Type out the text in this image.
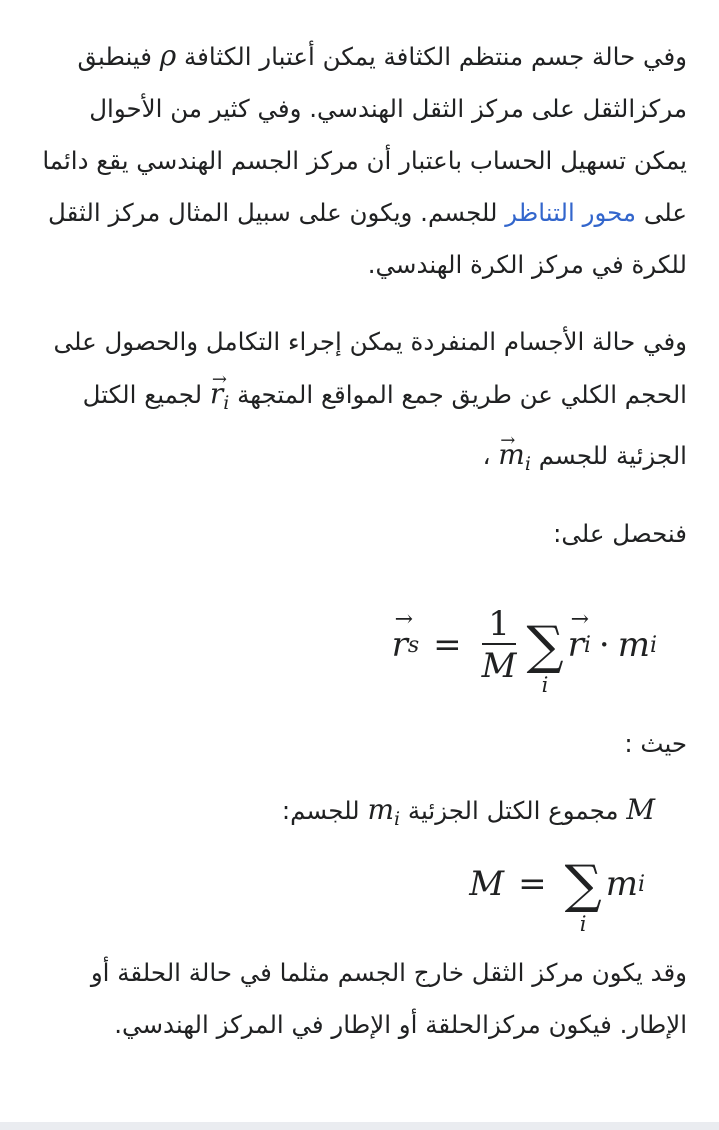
وفي حالة جسم منتظم الكثافة يمكن أعتبار الكثافة ρ فينطبق مركزالثقل على مركز الثقل الهندسي. وفي كثير من الأحوال يمكن تسهيل الحساب باعتبار أن مركز الجسم الهندسي يقع دائما على محور التناظر للجسم. ويكون على سبيل المثال مركز الثقل للكرة في مركز الكرة الهندسي.

وفي حالة الأجسام المنفردة يمكن إجراء التكامل والحصول على الحجم الكلي عن طريق جمع المواقع المتجهة → $r_i$ لجميع الكتل الجزئية للجسم → $m_i$ ،

فنحصل على:

→ r $s = \frac{1}{M}$ ∑
i
→ r i · m i

حيث :

M مجموع الكتل الجزئية $m_i$ للجسم:
M = ∑
i
m i

وقد يكون مركز الثقل خارج الجسم مثلما في حالة الحلقة أو الإطار. فيكون مركزالحلقة أو الإطار في المركز الهندسي.
